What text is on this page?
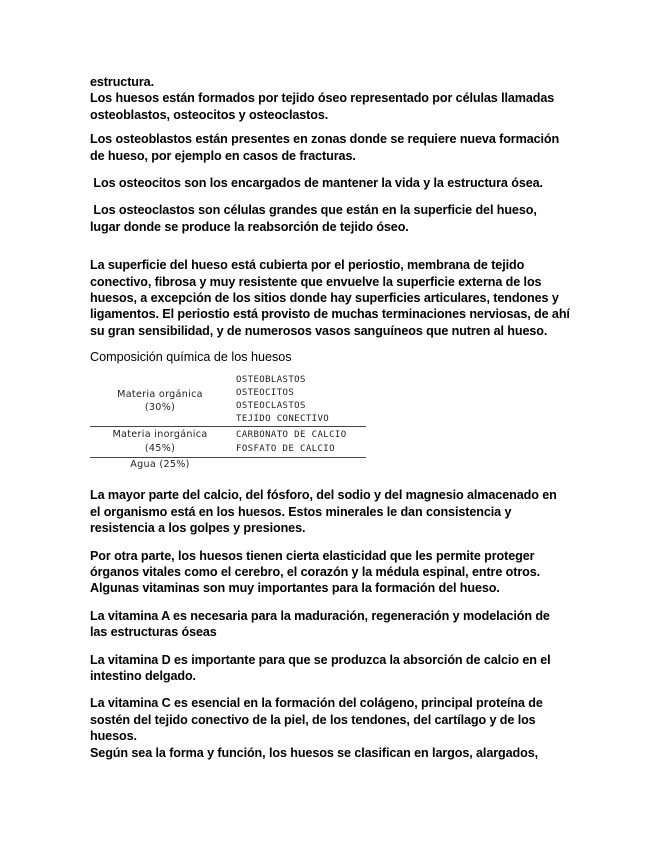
estructura.
Los huesos están formados por tejido óseo representado por células llamadas osteoblastos, osteocitos y osteoclastos.

Los osteoblastos están presentes en zonas donde se requiere nueva formación de hueso, por ejemplo en casos de fracturas.

Los osteocitos son los encargados de mantener la vida y la estructura ósea.

Los osteoclastos son células grandes que están en la superficie del hueso, lugar donde se produce la reabsorción de tejido óseo.

La superficie del hueso está cubierta por el periostio, membrana de tejido conectivo, fibrosa y muy resistente que envuelve la superficie externa de los huesos, a excepción de los sitios donde hay superficies articulares, tendones y ligamentos. El periostio está provisto de muchas terminaciones nerviosas, de ahí su gran sensibilidad, y de numerosos vasos sanguíneos que nutren al hueso.

Composición química de los huesos

Materia orgánica
(30%)
OSTEOBLASTOS
OSTEOCITOS
OSTEOCLASTOS
TEJIDO CONECTIVO
Materia inorgánica
(45%)
CARBONATO DE CALCIO
FOSFATO DE CALCIO
Agua (25%)

La mayor parte del calcio, del fósforo, del sodio y del magnesio almacenado en el organismo está en los huesos. Estos minerales le dan consistencia y resistencia a los golpes y presiones.

Por otra parte, los huesos tienen cierta elasticidad que les permite proteger órganos vitales como el cerebro, el corazón y la médula espinal, entre otros. Algunas vitaminas son muy importantes para la formación del hueso.

La vitamina A es necesaria para la maduración, regeneración y modelación de las estructuras óseas

La vitamina D es importante para que se produzca la absorción de calcio en el intestino delgado.

La vitamina C es esencial en la formación del colágeno, principal proteína de sostén del tejido conectivo de la piel, de los tendones, del cartílago y de los huesos.

Según sea la forma y función, los huesos se clasifican en largos, alargados,
